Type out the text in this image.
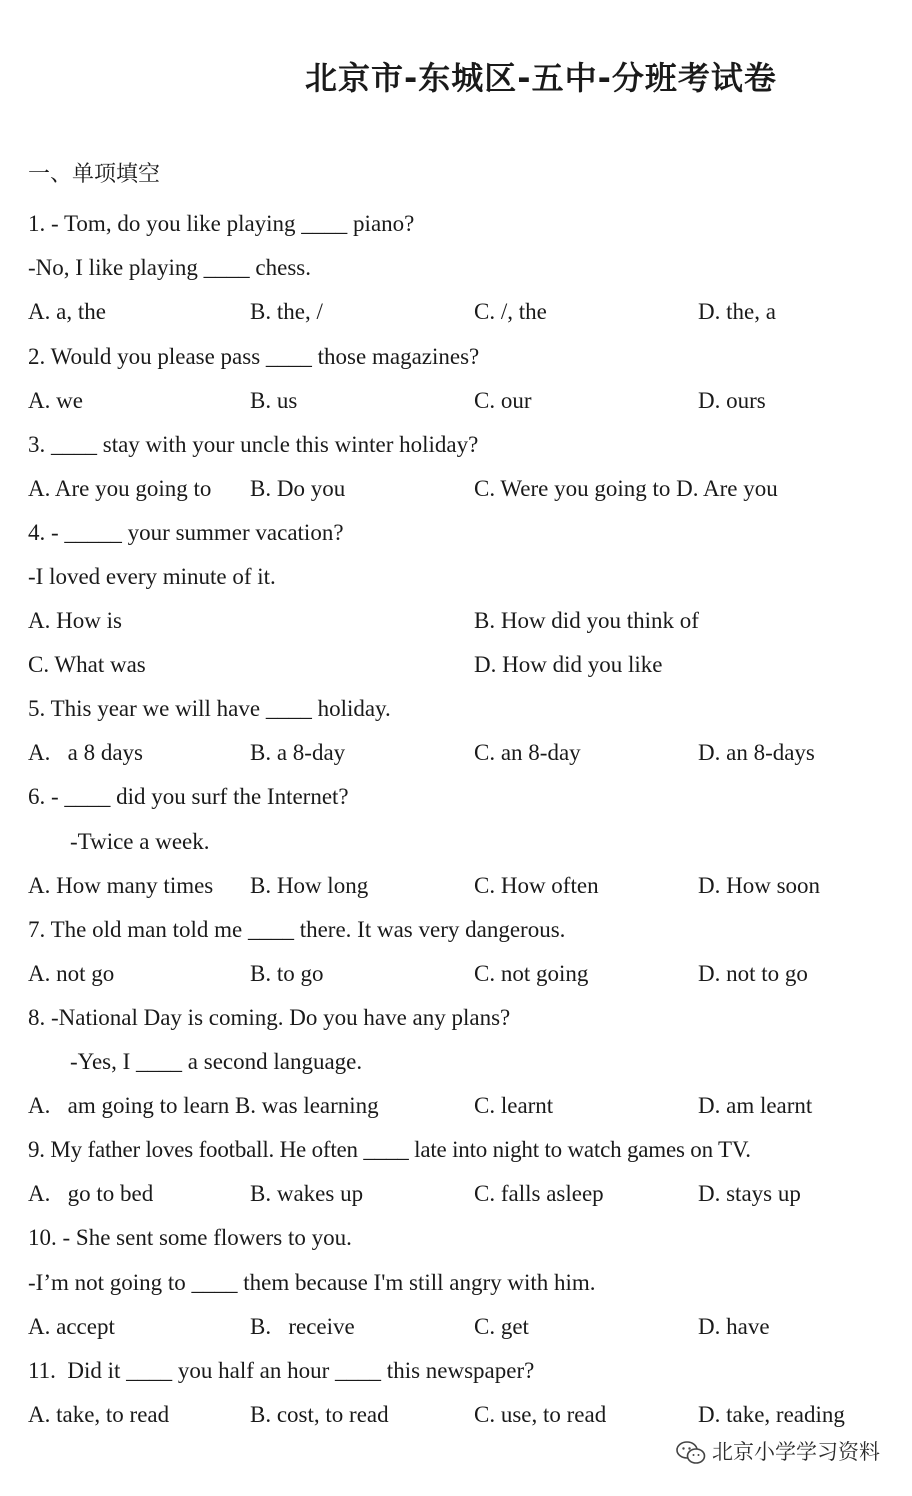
北京市-东城区-五中-分班考试卷
一、单项填空
1. - Tom, do you like playing ____ piano?
-No, I like playing ____ chess.
A. a, the	B. the, /	C. /, the	D. the, a
2. Would you please pass ____ those magazines?
A. we	B. us	C. our	D. ours
3. ____ stay with your uncle this winter holiday?
A. Are you going to B. Do you	C. Were you going to D. Are you
4. - _____ your summer vacation?
-I loved every minute of it.
A. How is	B. How did you think of
C. What was	D. How did you like
5. This year we will have ____ holiday.
A.   a 8 days	B. a 8-day	C. an 8-day	D. an 8-days
6. - ____ did you surf the Internet?
-Twice a week.
A. How many times B. How long	C. How often	D. How soon
7. The old man told me ____ there. It was very dangerous.
A. not go	B. to go	C. not going	D. not to go
8. -National Day is coming. Do you have any plans?
-Yes, I ____ a second language.
A.   am going to learn B. was learning	C. learnt	D. am learnt
9. My father loves football. He often ____ late into night to watch games on TV.
A.   go to bed	B. wakes up	C. falls asleep	D. stays up
10. - She sent some flowers to you.
-I’m not going to ____ them because I'm still angry with him.
A. accept	B.   receive	C. get	D. have
11.  Did it ____ you half an hour ____ this newspaper?
A. take, to read	B. cost, to read	C. use, to read	D. take, reading
北京小学学习资料
